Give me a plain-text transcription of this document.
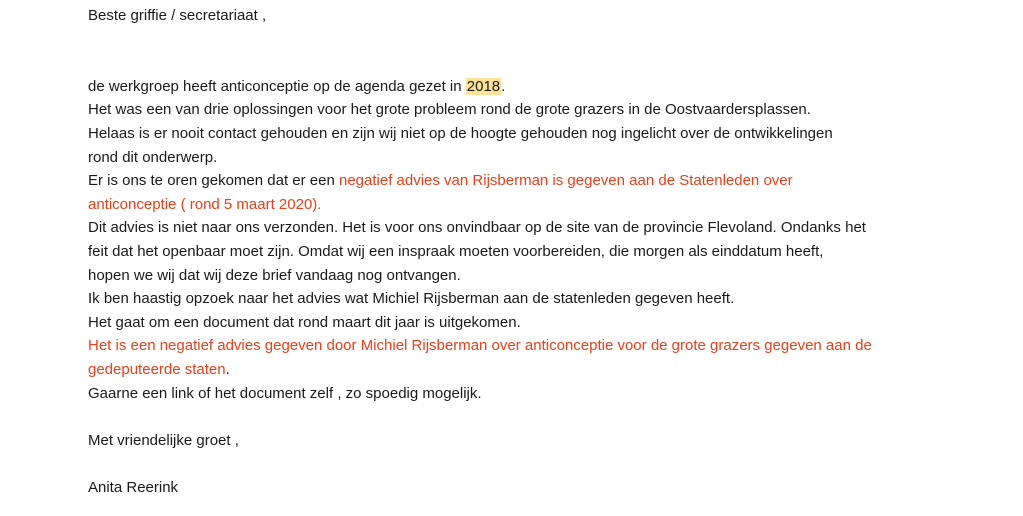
Beste griffie / secretariaat ,
de werkgroep heeft anticonceptie op de agenda gezet in 2018.
Het was een van drie oplossingen voor het grote probleem rond de grote grazers in de Oostvaardersplassen.
Helaas is er nooit contact gehouden en zijn wij niet op de hoogte gehouden nog ingelicht over de ontwikkelingen
rond dit onderwerp.
Er is ons te oren gekomen dat er een negatief advies van Rijsberman is gegeven aan de Statenleden over
anticonceptie ( rond 5 maart 2020).
Dit advies is niet naar ons verzonden. Het is voor ons onvindbaar op de site van de provincie Flevoland. Ondanks het
feit dat het openbaar moet zijn. Omdat wij een inspraak moeten voorbereiden, die morgen als einddatum heeft,
hopen we wij dat wij deze brief vandaag nog ontvangen.
Ik ben haastig opzoek naar het advies wat Michiel Rijsberman aan de statenleden gegeven heeft.
Het gaat om een document dat rond maart dit jaar is uitgekomen.
Het is een negatief advies gegeven door Michiel Rijsberman over anticonceptie voor de grote grazers gegeven aan de
gedeputeerde staten.
Gaarne een link of het document zelf , zo spoedig mogelijk.
Met vriendelijke groet ,
Anita Reerink
